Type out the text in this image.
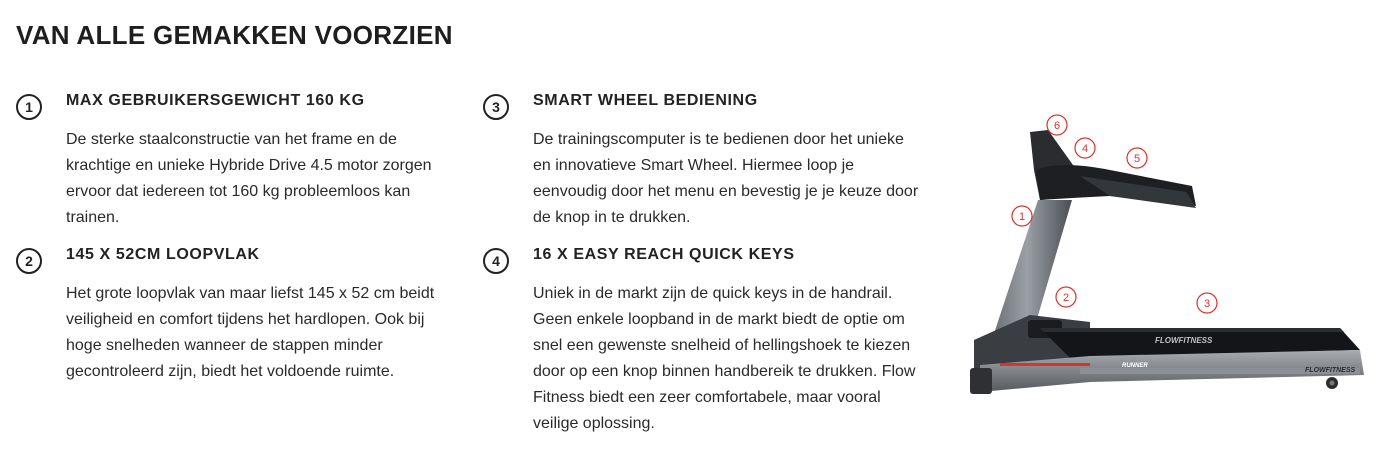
VAN ALLE GEMAKKEN VOORZIEN
1	MAX GEBRUIKERSGEWICHT 160 KG

De sterke staalconstructie van het frame en de krachtige en unieke Hybride Drive 4.5 motor zorgen ervoor dat iedereen tot 160 kg probleemloos kan trainen.

2	145 X 52CM LOOPVLAK

Het grote loopvlak van maar liefst 145 x 52 cm beidt veiligheid en comfort tijdens het hardlopen. Ook bij hoge snelheden wanneer de stappen minder gecontroleerd zijn, biedt het voldoende ruimte.

3	SMART WHEEL BEDIENING

De trainingscomputer is te bedienen door het unieke en innovatieve Smart Wheel. Hiermee loop je eenvoudig door het menu en bevestig je je keuze door de knop in te drukken.

4	16 X EASY REACH QUICK KEYS

Uniek in de markt zijn de quick keys in de handrail. Geen enkele loopband in de markt biedt de optie om snel een gewenste snelheid of hellingshoek te kiezen door op een knop binnen handbereik te drukken. Flow Fitness biedt een zeer comfortabele, maar vooral veilige oplossing.

FLOWFITNESS
FLOWFITNESS
RUNNER
1
2	3
4
5
6
